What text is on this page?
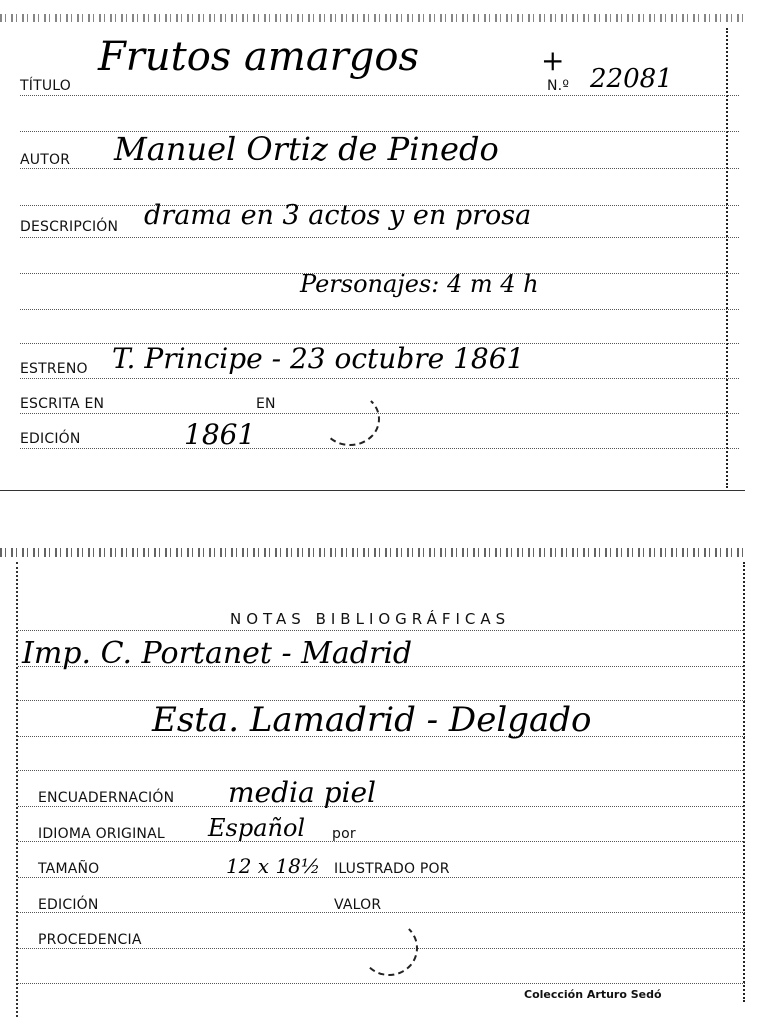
TÍTULO
Frutos amargos	+
N.º 22081
AUTOR Manuel Ortiz de Pinedo
DESCRIPCIÓN drama en 3 actos y en prosa
Personajes: 4 m 4 h
ESTRENO T. Principe - 23 octubre 1861
ESCRITA EN	EN
EDICIÓN	1861
NOTAS BIBLIOGRÁFICAS
Imp. C. Portanet - Madrid
Esta. Lamadrid - Delgado
ENCUADERNACIÓN media piel
IDIOMA ORIGINAL Español por
TAMAÑO	12 x 18½ ILUSTRADO POR
EDICIÓN	VALOR
PROCEDENCIA
Colección Arturo Sedó
